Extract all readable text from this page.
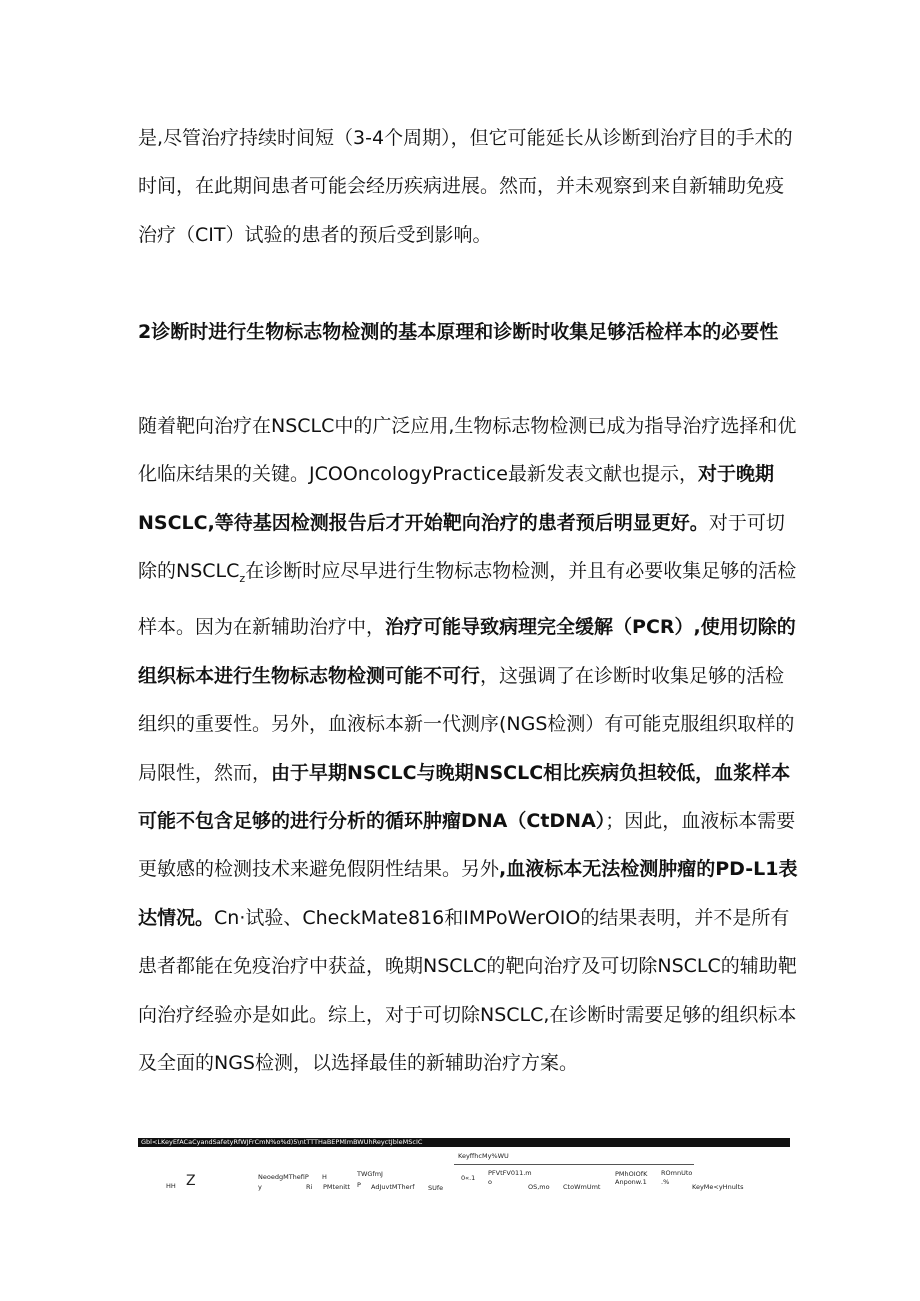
是,尽管治疗持续时间短（3-4个周期），但它可能延长从诊断到治疗目的手术的时间，在此期间患者可能会经历疾病进展。然而，并未观察到来自新辅助免疫治疗（CIT）试验的患者的预后受到影响。

2诊断时进行生物标志物检测的基本原理和诊断时收集足够活检样本的必要性

随着靶向治疗在NSCLC中的广泛应用,生物标志物检测已成为指导治疗选择和优化临床结果的关键。JCOOncologyPractice最新发表文献也提示，对于晚期NSCLC,等待基因检测报告后才开始靶向治疗的患者预后明显更好。对于可切除的$NSCLC_z$在诊断时应尽早进行生物标志物检测，并且有必要收集足够的活检样本。因为在新辅助治疗中，治疗可能导致病理完全缓解（PCR）,使用切除的组织标本进行生物标志物检测可能不可行，这强调了在诊断时收集足够的活检组织的重要性。另外，血液标本新一代测序(NGS检测）有可能克服组织取样的局限性，然而，由于早期NSCLC与晚期NSCLC相比疾病负担较低，血浆样本可能不包含足够的进行分析的循环肿瘤DNA（CtDNA）；因此，血液标本需要更敏感的检测技术来避免假阴性结果。另外,血液标本无法检测肿瘤的PD-L1表达情况。Cn·试验、CheckMate816和IMPoWerOIO的结果表明，并不是所有患者都能在免疫治疗中获益，晚期NSCLC的靶向治疗及可切除NSCLC的辅助靶向治疗经验亦是如此。综上，对于可切除NSCLC,在诊断时需要足够的组织标本及全面的NGS检测，以选择最佳的新辅助治疗方案。

Gbl<LKeyEfACaCyandSafetyRfWJFrCmN%o%d)5\ntTTTHaBEPMlmBWUhReyctJbleMScIC
KeyffhcMy%WU
HH Z	NeoedgMThefiP
y
H
Ri PMtenitt
TWGfmJ
P AdJuvtMTherf SUfe
0«.1
PFVtFV011.m
o
OS,mo CtoWmUmt
PMhOIOfK
Anponw.1
ROmnUto
.%
KeyMe<yHnults
